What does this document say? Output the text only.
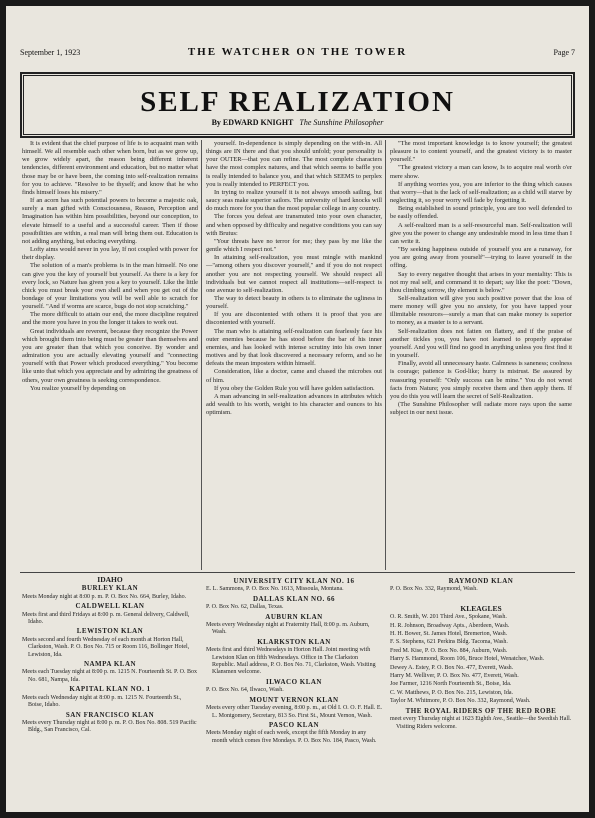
September 1, 1923	THE WATCHER ON THE TOWER	Page 7
SELF REALIZATION
By EDWARD KNIGHT The Sunshine Philosopher

It is evident that the chief purpose of life is to acquaint man with himself. We all resemble each other when born, but as we grow up, we grow widely apart, the reason being different inherent tendencies, different environment and education, but no matter what those may be or have been, the coming into self-realization remains for you to achieve. "Resolve to be thyself; and know that he who finds himself loses his misery."

If an acorn has such potential powers to become a majestic oak, surely a man gifted with Consciousness, Reason, Perception and Imagination has within him possibilities, beyond our conception, to elevate himself to a useful and a successful career. Then if those possibilities are within, a real man will bring them out. Education is not adding anything, but educing everything.

Lofty aims would never in you lay, If not coupled with power for their display.

The solution of a man's problems is in the man himself. No one can give you the key of yourself but yourself. As there is a key for every lock, so Nature has given you a key to yourself. Like the little chick you must break your own shell and when you get out of the bondage of your limitations you will be well able to scratch for yourself. "And if worms are scarce, bugs do not stop scratching."

The more difficult to attain our end, the more discipline required and the more you have in you the longer it takes to work out.

Great individuals are reverent, because they recognize the Power which brought them into being must be greater than themselves and you are greater than that which you conceive. By wonder and admiration you are actually elevating yourself and "connecting yourself with that Power which produced everything." You become like unto that which you appreciate and by admiring the greatness of others, your own greatness is seeking correspondence.

You realize yourself by depending on

yourself. In-dependence is simply depending on the with-in. All things are IN there and that you should unfold; your personality is your OUTER—that you can refine. The most complete characters have the most complex natures, and that which seems to baffle you is really intended to balance you, and that which SEEMS to perplex you is really intended to PERFECT you.

In trying to realize yourself it is not always smooth sailing, but saucy seas make superior sailors. The university of hard knocks will do much more for you than the most popular college in any country.

The forces you defeat are transmuted into your own character, and when opposed by difficulty and negative conditions you can say with Brutus:

"Your threats have no terror for me; they pass by me like the gentle which I respect not."

In attaining self-realization, you must mingle with mankind—"among others you discover yourself," and if you do not respect another you are not respecting yourself. We should respect all individuals but we cannot respect all institutions—self-respect is one avenue to self-realization.

The way to detect beauty in others is to eliminate the ugliness in yourself.

If you are discontented with others it is proof that you are discontented with yourself.

The man who is attaining self-realization can fearlessly face his outer enemies because he has stood before the bar of his inner enemies, and has looked with intense scrutiny into his own inner motives and by that look discovered a necessary reform, and so he defeats the mean imposters within himself.

Consideration, like a doctor, came and chased the microbes out of him.

If you obey the Golden Rule you will have golden satisfaction.

A man advancing in self-realization advances in attributes which add wealth to his worth, weight to his character and ounces to his optimism.

"The most important knowledge is to know yourself; the greatest pleasure is to content yourself, and the greatest victory is to master yourself."

"The greatest victory a man can know, Is to acquire real worth o'er mere show.

If anything worries you, you are inferior to the thing which causes that worry—that is the lack of self-realization; as a child will starve by neglecting it, so your worry will fade by forgetting it.

Being established in sound principle, you are too well defended to be easily offended.

A self-realized man is a self-resourceful man. Self-realization will give you the power to change any undesirable mood in less time than I can write it.

"By seeking happiness outside of yourself you are a runaway, for you are going away from yourself"—trying to leave yourself in the offing.

Say to every negative thought that arises in your mentality: This is not my real self, and command it to depart; say like the poet: "Down, thou climbing sorrow, thy element is below."

Self-realization will give you such positive power that the loss of mere money will give you no anxiety, for you have tapped your illimitable resources—surely a man that can make money is superior to money, as a master is to a servant.

Self-realization does not fatten on flattery, and if the praise of another tickles you, you have not learned to properly appraise yourself. And you will find no good in anything unless you first find it in yourself.

Finally, avoid all unnecessary haste. Calmness is saneness; coolness is courage; patience is God-like; hurry is mistrust. Be assured by reassuring yourself: "Only success can be mine." You do not wrest facts from Nature; you simply receive them and then apply them. If you do this you will learn the secret of Self-Realization.

(The Sunshine Philosopher will radiate more rays upon the same subject in our next issue.

IDAHO
BURLEY KLAN
Meets Monday night at 8:00 p. m. P. O. Box No. 664, Burley, Idaho.
CALDWELL KLAN
Meets first and third Fridays at 8:00 p. m. General delivery, Caldwell, Idaho.
LEWISTON KLAN
Meets second and fourth Wednesday of each month at Horton Hall, Clarkston, Wash. P. O. Box No. 715 or Room 116, Bollinger Hotel, Lewiston, Ida.
NAMPA KLAN
Meets each Tuesday night at 8:00 p. m. 1215 N. Fourteenth St. P. O. Box No. 681, Nampa, Ida.
KAPITAL KLAN NO. 1
Meets each Wednesday night at 8:00 p. m. 1215 N. Fourteenth St., Boise, Idaho.
SAN FRANCISCO KLAN
Meets every Thursday night at 8:00 p. m. P. O. Box No. 808. 519 Pacific Bldg., San Francisco, Cal.
UNIVERSITY CITY KLAN NO. 16
E. L. Sammons, P. O. Box No. 1613, Missoula, Montana.
DALLAS KLAN NO. 66
P. O. Box No. 62, Dallas, Texas.
AUBURN KLAN
Meets every Wednesday night at Fraternity Hall, 8:00 p. m. Auburn, Wash.
KLARKSTON KLAN
Meets first and third Wednesdays in Horton Hall. Joint meeting with Lewiston Klan on fifth Wednesdays. Office in The Clarkston Republic. Mail address, P. O. Box No. 71, Clarkston, Wash. Visiting Klansmen welcome.
ILWACO KLAN
P. O. Box No. 64, Ilwaco, Wash.
MOUNT VERNON KLAN
Meets every other Tuesday evening, 8:00 p. m., at Old I. O. O. F. Hall. E. L. Montgomery, Secretary, 813 So. First St., Mount Vernon, Wash.
PASCO KLAN
Meets Monday night of each week, except the fifth Monday in any month which comes five Mondays. P. O. Box No. 184, Pasco, Wash.
RAYMOND KLAN
P. O. Box No. 332, Raymond, Wash.
KLEAGLES
O. R. Smith, W. 201 Third Ave., Spokane, Wash.
H. R. Johnson, Broadway Apts., Aberdeen, Wash.
H. H. Bower, St. James Hotel, Bremerton, Wash.
F. S. Stephens, 621 Perkins Bldg. Tacoma, Wash.
Fred M. Kise, P. O. Box No. 884, Auburn, Wash.
Harry S. Hammond, Room 106, Bruce Hotel, Wenatchee, Wash.
Dewey A. Estey, P. O. Box No. 477, Everett, Wash.
Harry M. Welliver, P. O. Box No. 477, Everett, Wash.
Joe Farmer, 1216 North Fourteenth St., Boise, Ida.
C. W. Matthews, P. O. Box No. 215, Lewiston, Ida.
Taylor M. Whitmore, P. O. Box No. 332, Raymond, Wash.
THE ROYAL RIDERS OF THE RED ROBE
meet every Thursday night at 1623 Eighth Ave., Seattle—the Swedish Hall. Visiting Riders welcome.
